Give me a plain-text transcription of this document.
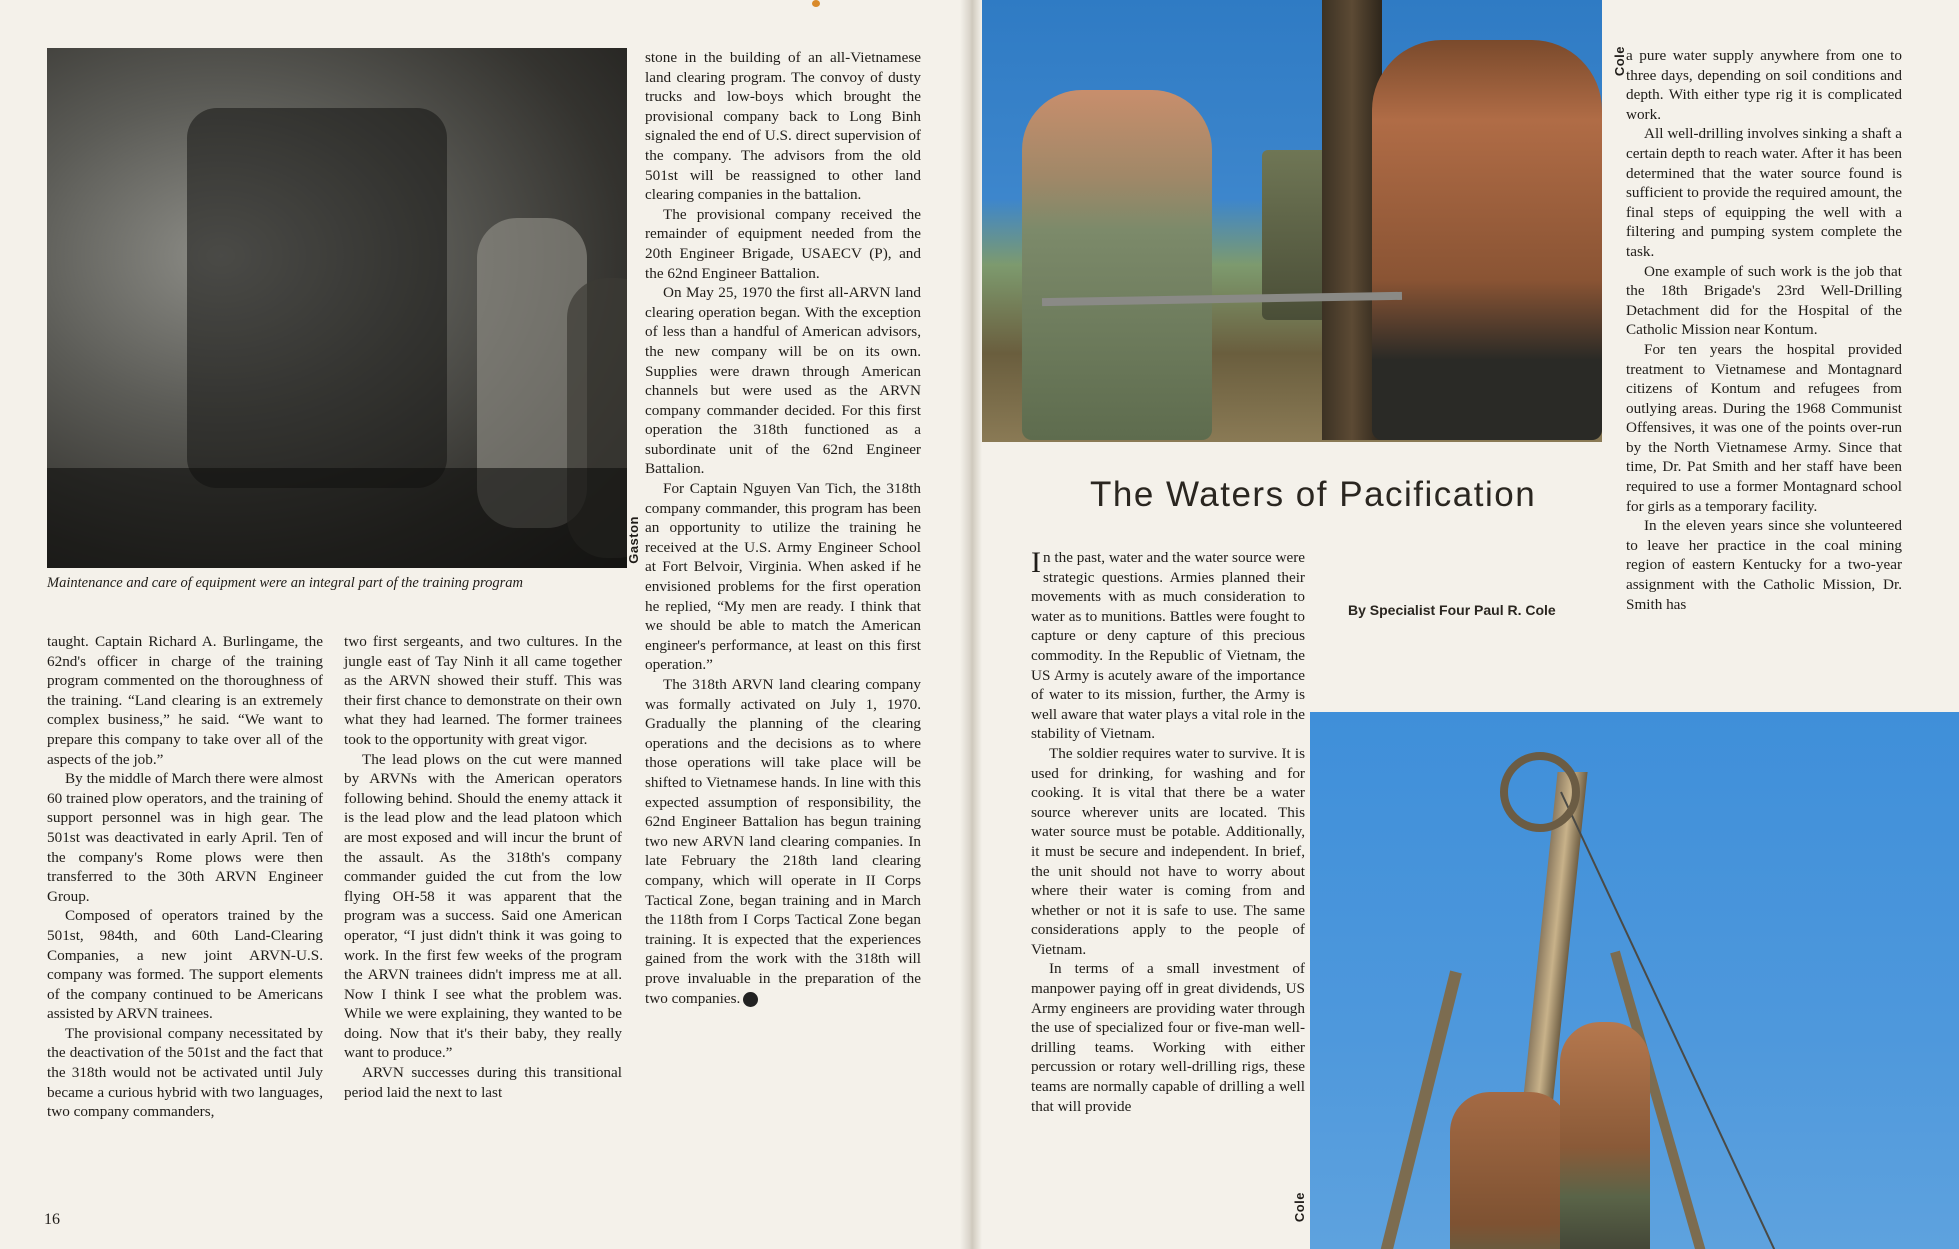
Gaston
Maintenance and care of equipment were an integral part of the training program

taught. Captain Richard A. Burlingame, the 62nd's officer in charge of the training program commented on the thoroughness of the training. “Land clearing is an extremely complex business,” he said. “We want to prepare this company to take over all of the aspects of the job.”

By the middle of March there were almost 60 trained plow operators, and the training of support personnel was in high gear. The 501st was deactivated in early April. Ten of the company's Rome plows were then transferred to the 30th ARVN Engineer Group.

Composed of operators trained by the 501st, 984th, and 60th Land-Clearing Companies, a new joint ARVN-U.S. company was formed. The support elements of the company continued to be Americans assisted by ARVN trainees.

The provisional company necessitated by the deactivation of the 501st and the fact that the 318th would not be activated until July became a curious hybrid with two languages, two company commanders,

two first sergeants, and two cultures. In the jungle east of Tay Ninh it all came together as the ARVN showed their stuff. This was their first chance to demonstrate on their own what they had learned. The former trainees took to the opportunity with great vigor.

The lead plows on the cut were manned by ARVNs with the American operators following behind. Should the enemy attack it is the lead plow and the lead platoon which are most exposed and will incur the brunt of the assault. As the 318th's company commander guided the cut from the low flying OH-58 it was apparent that the program was a success. Said one American operator, “I just didn't think it was going to work. In the first few weeks of the program the ARVN trainees didn't impress me at all. Now I think I see what the problem was. While we were explaining, they wanted to be doing. Now that it's their baby, they really want to produce.”

ARVN successes during this transitional period laid the next to last

stone in the building of an all-Vietnamese land clearing program. The convoy of dusty trucks and low-boys which brought the provisional company back to Long Binh signaled the end of U.S. direct supervision of the company. The advisors from the old 501st will be reassigned to other land clearing companies in the battalion.

The provisional company received the remainder of equipment needed from the 20th Engineer Brigade, USAECV (P), and the 62nd Engineer Battalion.

On May 25, 1970 the first all-ARVN land clearing operation began. With the exception of less than a handful of American advisors, the new company will be on its own. Supplies were drawn through American channels but were used as the ARVN company commander decided. For this first operation the 318th functioned as a subordinate unit of the 62nd Engineer Battalion.

For Captain Nguyen Van Tich, the 318th company commander, this program has been an opportunity to utilize the training he received at the U.S. Army Engineer School at Fort Belvoir, Virginia. When asked if he envisioned problems for the first operation he replied, “My men are ready. I think that we should be able to match the American engineer's performance, at least on this first operation.”

The 318th ARVN land clearing company was formally activated on July 1, 1970. Gradually the planning of the clearing operations and the decisions as to where those operations will take place will be shifted to Vietnamese hands. In line with this expected assumption of responsibility, the 62nd Engineer Battalion has begun training two new ARVN land clearing companies. In late February the 218th land clearing company, which will operate in II Corps Tactical Zone, began training and in March the 118th from I Corps Tactical Zone began training. It is expected that the experiences gained from the work with the 318th will prove invaluable in the preparation of the two companies.

16
Cole
The Waters of Pacification

In the past, water and the water source were strategic questions. Armies planned their movements with as much consideration to water as to munitions. Battles were fought to capture or deny capture of this precious commodity. In the Republic of Vietnam, the US Army is acutely aware of the importance of water to its mission, further, the Army is well aware that water plays a vital role in the stability of Vietnam.

The soldier requires water to survive. It is used for drinking, for washing and for cooking. It is vital that there be a water source wherever units are located. This water source must be potable. Additionally, it must be secure and independent. In brief, the unit should not have to worry about where their water is coming from and whether or not it is safe to use. The same considerations apply to the people of Vietnam.

In terms of a small investment of manpower paying off in great dividends, US Army engineers are providing water through the use of specialized four or five-man well-drilling teams. Working with either percussion or rotary well-drilling rigs, these teams are normally capable of drilling a well that will provide

By Specialist Four Paul R. Cole

a pure water supply anywhere from one to three days, depending on soil conditions and depth. With either type rig it is complicated work.

All well-drilling involves sinking a shaft a certain depth to reach water. After it has been determined that the water source found is sufficient to provide the required amount, the final steps of equipping the well with a filtering and pumping system complete the task.

One example of such work is the job that the 18th Brigade's 23rd Well-Drilling Detachment did for the Hospital of the Catholic Mission near Kontum.

For ten years the hospital provided treatment to Vietnamese and Montagnard citizens of Kontum and refugees from outlying areas. During the 1968 Communist Offensives, it was one of the points over-run by the North Vietnamese Army. Since that time, Dr. Pat Smith and her staff have been required to use a former Montagnard school for girls as a temporary facility.

In the eleven years since she volunteered to leave her practice in the coal mining region of eastern Kentucky for a two-year assignment with the Catholic Mission, Dr. Smith has

Cole
